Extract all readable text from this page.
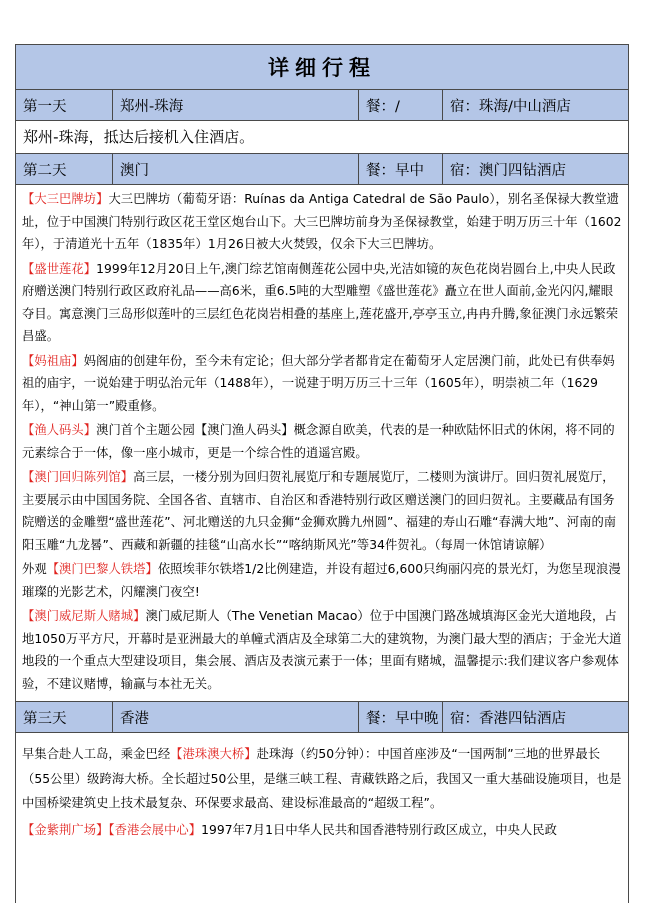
详细行程
第一天	郑州-珠海	餐：/	宿：珠海/中山酒店
郑州-珠海，抵达后接机入住酒店。
第二天	澳门	餐：早中	宿：澳门四钻酒店

【大三巴牌坊】大三巴牌坊（葡萄牙语：Ruínas da Antiga Catedral de São Paulo），别名圣保禄大教堂遗址，位于中国澳门特别行政区花王堂区炮台山下。大三巴牌坊前身为圣保禄教堂，始建于明万历三十年（1602年），于清道光十五年（1835年）1月26日被大火焚毁，仅余下大三巴牌坊。

【盛世莲花】1999年12月20日上午,澳门综艺馆南侧莲花公园中央,光洁如镜的灰色花岗岩圆台上,中央人民政府赠送澳门特别行政区政府礼品——高6米，重6.5吨的大型雕塑《盛世莲花》矗立在世人面前,金光闪闪,耀眼夺目。寓意澳门三岛形似莲叶的三层红色花岗岩相叠的基座上,莲花盛开,亭亭玉立,冉冉升腾,象征澳门永远繁荣昌盛。

【妈祖庙】妈阁庙的创建年份，至今未有定论；但大部分学者都肯定在葡萄牙人定居澳门前，此处已有供奉妈祖的庙宇，一说始建于明弘治元年（1488年），一说建于明万历三十三年（1605年），明崇祯二年（1629年），“神山第一”殿重修。

【渔人码头】澳门首个主题公园【澳门渔人码头】概念源自欧美，代表的是一种欧陆怀旧式的休闲，将不同的元素综合于一体，像一座小城市，更是一个综合性的逍遥宫殿。

【澳门回归陈列馆】高三层，一楼分别为回归贺礼展览厅和专题展览厅，二楼则为演讲厅。回归贺礼展览厅，主要展示由中国国务院、全国各省、直辖市、自治区和香港特别行政区赠送澳门的回归贺礼。主要藏品有国务院赠送的金雕塑“盛世莲花”、河北赠送的九只金狮“金狮欢腾九州圆”、福建的寿山石雕“春满大地”、河南的南阳玉雕“九龙晷”、西藏和新疆的挂毯“山高水长”“喀纳斯风光”等34件贺礼。（每周一休馆请谅解）

外观【澳门巴黎人铁塔】依照埃菲尔铁塔1/2比例建造，并设有超过6,600只绚丽闪亮的景光灯，为您呈现浪漫璀璨的光影艺术，闪耀澳门夜空!

【澳门威尼斯人赌城】澳门威尼斯人（The Venetian Macao）位于中国澳门路氹城填海区金光大道地段，占地1050万平方尺，开幕时是亚洲最大的单幢式酒店及全球第二大的建筑物，为澳门最大型的酒店；于金光大道地段的一个重点大型建设项目，集会展、酒店及表演元素于一体；里面有赌城，温馨提示:我们建议客户参观体验，不建议赌博，输赢与本社无关。

第三天	香港	餐：早中晚 宿：香港四钻酒店

早集合赴人工岛，乘金巴经【港珠澳大桥】赴珠海（约50分钟）：中国首座涉及“一国两制”三地的世界最长（55公里）级跨海大桥。全长超过50公里，是继三峡工程、青藏铁路之后，我国又一重大基础设施项目，也是中国桥梁建筑史上技术最复杂、环保要求最高、建设标准最高的“超级工程”。

【金紫荆广场】【香港会展中心】1997年7月1日中华人民共和国香港特别行政区成立，中央人民政
